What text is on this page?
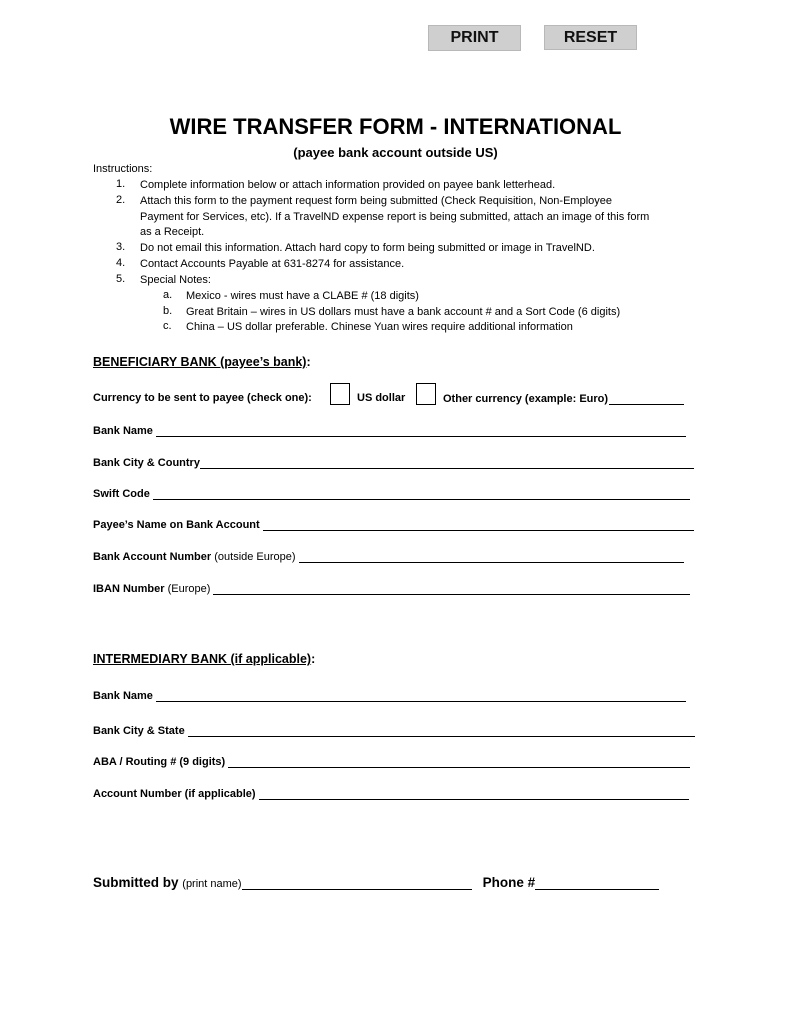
PRINT	RESET
WIRE TRANSFER FORM - INTERNATIONAL
(payee bank account outside US)
Instructions:
1. Complete information below or attach information provided on payee bank letterhead.
2. Attach this form to the payment request form being submitted (Check Requisition, Non-Employee
Payment for Services, etc). If a TravelND expense report is being submitted, attach an image of this form
as a Receipt.
3. Do not email this information. Attach hard copy to form being submitted or image in TravelND.
4. Contact Accounts Payable at 631-8274 for assistance.
5. Special Notes:
a. Mexico - wires must have a CLABE # (18 digits)
b. Great Britain – wires in US dollars must have a bank account # and a Sort Code (6 digits)
c. China – US dollar preferable. Chinese Yuan wires require additional information
BENEFICIARY BANK (payee’s bank):
Currency to be sent to payee (check one):	US dollar	Other currency (example: Euro)
Bank Name
Bank City & Country
Swift Code
Payee’s Name on Bank Account
Bank Account Number
(outside Europe)
IBAN Number
(Europe)
INTERMEDIARY BANK (if applicable):
Bank Name
Bank City & State
ABA / Routing # (9 digits)
Account Number (if applicable)
Submitted by
(print name)	Phone #
